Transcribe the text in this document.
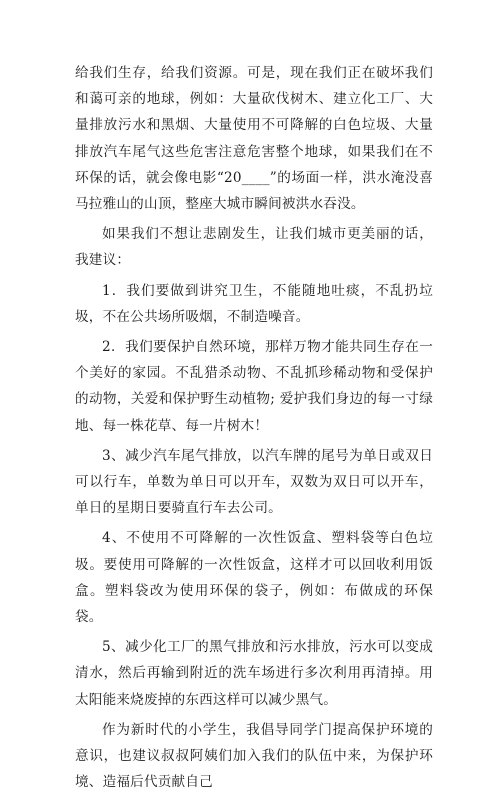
给我们生存，给我们资源。可是，现在我们正在破坏我们和蔼可亲的地球，例如：大量砍伐树木、建立化工厂、大量排放污水和黑烟、大量使用不可降解的白色垃圾、大量排放汽车尾气这些危害注意危害整个地球，如果我们在不环保的话，就会像电影“20____”的场面一样，洪水淹没喜马拉雅山的山顶，整座大城市瞬间被洪水吞没。

如果我们不想让悲剧发生，让我们城市更美丽的话，我建议：

1．我们要做到讲究卫生，不能随地吐痰，不乱扔垃圾，不在公共场所吸烟，不制造噪音。

2．我们要保护自然环境，那样万物才能共同生存在一个美好的家园。不乱猎杀动物、不乱抓珍稀动物和受保护的动物，关爱和保护野生动植物; 爱护我们身边的每一寸绿地、每一株花草、每一片树木！

3、减少汽车尾气排放，以汽车牌的尾号为单日或双日可以行车，单数为单日可以开车，双数为双日可以开车，单日的星期日要骑直行车去公司。

4、不使用不可降解的一次性饭盒、塑料袋等白色垃圾。要使用可降解的一次性饭盒，这样才可以回收利用饭盒。塑料袋改为使用环保的袋子，例如：布做成的环保袋。

5、减少化工厂的黑气排放和污水排放，污水可以变成清水，然后再输到附近的洗车场进行多次利用再清掉。用太阳能来烧废掉的东西这样可以减少黑气。

作为新时代的小学生，我倡导同学门提高保护环境的意识，也建议叔叔阿姨们加入我们的队伍中来，为保护环境、造福后代贡献自己
